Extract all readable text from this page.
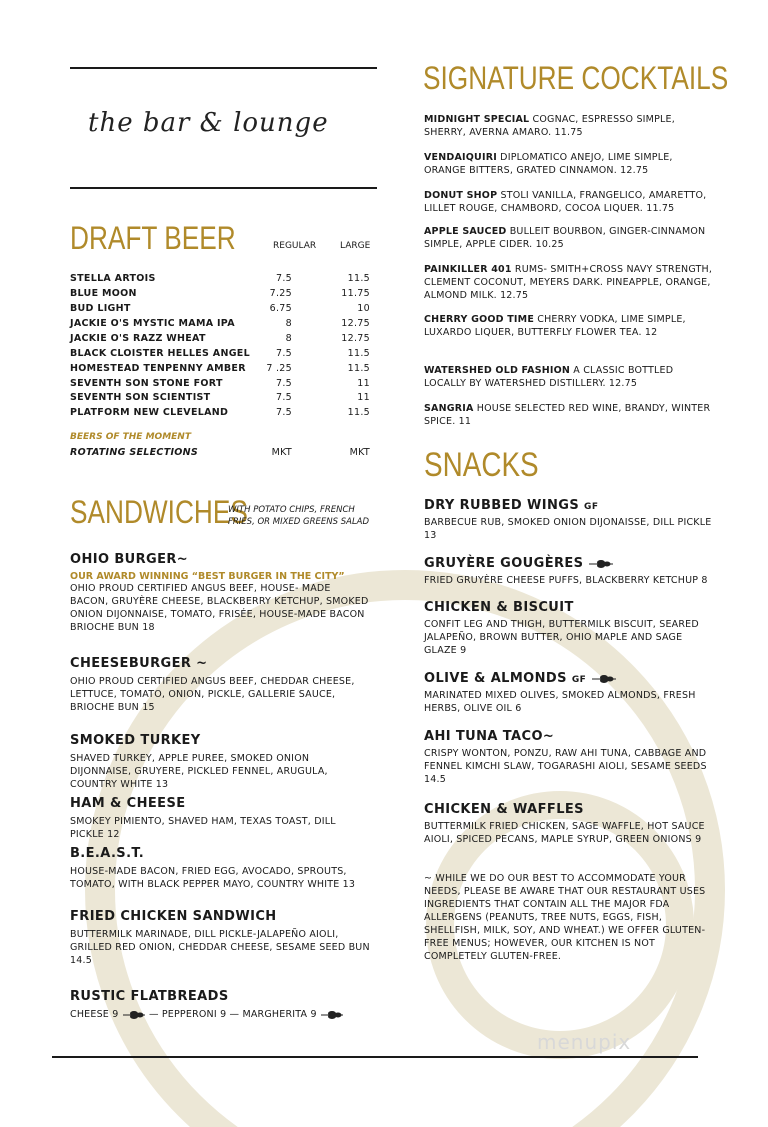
the bar & lounge
DRAFT BEER	REGULAR	LARGE
STELLA ARTOIS	7.5	11.5
BLUE MOON	7.25	11.75
BUD LIGHT	6.75	10
JACKIE O'S MYSTIC MAMA IPA	8	12.75
JACKIE O'S RAZZ WHEAT	8	12.75
BLACK CLOISTER HELLES ANGEL	7.5	11.5
HOMESTEAD TENPENNY AMBER 7 .25	11.5
SEVENTH SON STONE FORT	7.5	11
SEVENTH SON SCIENTIST	7.5	11
PLATFORM NEW CLEVELAND	7.5	11.5
BEERS OF THE MOMENT
ROTATING SELECTIONS	MKT	MKT
SANDWICHES
WITH POTATO CHIPS, FRENCH FRIES, OR MIXED GREENS SALAD
OHIO BURGER~
OUR AWARD WINNING “BEST BURGER IN THE CITY”
OHIO PROUD CERTIFIED ANGUS BEEF, HOUSE- MADE BACON, GRUYÈRE CHEESE, BLACKBERRY KETCHUP, SMOKED ONION DIJONNAISE, TOMATO, FRISÉE, HOUSE-MADE BACON BRIOCHE BUN 18
CHEESEBURGER ~
OHIO PROUD CERTIFIED ANGUS BEEF, CHEDDAR CHEESE, LETTUCE, TOMATO, ONION, PICKLE, GALLERIE SAUCE, BRIOCHE BUN 15
SMOKED TURKEY
SHAVED TURKEY, APPLE PUREE, SMOKED ONION DIJONNAISE, GRUYERE, PICKLED FENNEL, ARUGULA, COUNTRY WHITE 13
HAM & CHEESE
SMOKEY PIMIENTO, SHAVED HAM, TEXAS TOAST, DILL PICKLE 12
B.E.A.S.T.
HOUSE-MADE BACON, FRIED EGG, AVOCADO, SPROUTS, TOMATO, WITH BLACK PEPPER MAYO, COUNTRY WHITE 13
FRIED CHICKEN SANDWICH
BUTTERMILK MARINADE, DILL PICKLE-JALAPEÑO AIOLI, GRILLED RED ONION, CHEDDAR CHEESE, SESAME SEED BUN 14.5
RUSTIC FLATBREADS
CHEESE 9	— PEPPERONI 9 — MARGHERITA 9
SIGNATURE COCKTAILS
MIDNIGHT SPECIAL COGNAC, ESPRESSO SIMPLE, SHERRY, AVERNA AMARO. 11.75
VENDAIQUIRI DIPLOMATICO ANEJO, LIME SIMPLE, ORANGE BITTERS, GRATED CINNAMON. 12.75
DONUT SHOP STOLI VANILLA, FRANGELICO, AMARETTO, LILLET ROUGE, CHAMBORD, COCOA LIQUER. 11.75
APPLE SAUCED BULLEIT BOURBON, GINGER-CINNAMON SIMPLE, APPLE CIDER. 10.25
PAINKILLER 401 RUMS- SMITH+CROSS NAVY STRENGTH, CLEMENT COCONUT, MEYERS DARK. PINEAPPLE, ORANGE, ALMOND MILK. 12.75
CHERRY GOOD TIME CHERRY VODKA, LIME SIMPLE, LUXARDO LIQUER, BUTTERFLY FLOWER TEA. 12
WATERSHED OLD FASHION A CLASSIC BOTTLED LOCALLY BY WATERSHED DISTILLERY. 12.75
SANGRIA HOUSE SELECTED RED WINE, BRANDY, WINTER SPICE. 11
SNACKS
DRY RUBBED WINGS GF
BARBECUE RUB, SMOKED ONION DIJONAISSE, DILL PICKLE 13
GRUYÈRE GOUGÈRES
FRIED GRUYÈRE CHEESE PUFFS, BLACKBERRY KETCHUP 8
CHICKEN & BISCUIT
CONFIT LEG AND THIGH, BUTTERMILK BISCUIT, SEARED JALAPEÑO, BROWN BUTTER, OHIO MAPLE AND SAGE GLAZE 9
OLIVE & ALMONDS GF
MARINATED MIXED OLIVES, SMOKED ALMONDS, FRESH HERBS, OLIVE OIL 6
AHI TUNA TACO~
CRISPY WONTON, PONZU, RAW AHI TUNA, CABBAGE AND FENNEL KIMCHI SLAW, TOGARASHI AIOLI, SESAME SEEDS 14.5
CHICKEN & WAFFLES
BUTTERMILK FRIED CHICKEN, SAGE WAFFLE, HOT SAUCE AIOLI, SPICED PECANS, MAPLE SYRUP, GREEN ONIONS 9
~ WHILE WE DO OUR BEST TO ACCOMMODATE YOUR NEEDS, PLEASE BE AWARE THAT OUR RESTAURANT USES INGREDIENTS THAT CONTAIN ALL THE MAJOR FDA ALLERGENS (PEANUTS, TREE NUTS, EGGS, FISH, SHELLFISH, MILK, SOY, AND WHEAT.) WE OFFER GLUTEN-FREE MENUS; HOWEVER, OUR KITCHEN IS NOT COMPLETELY GLUTEN-FREE.
menupix
